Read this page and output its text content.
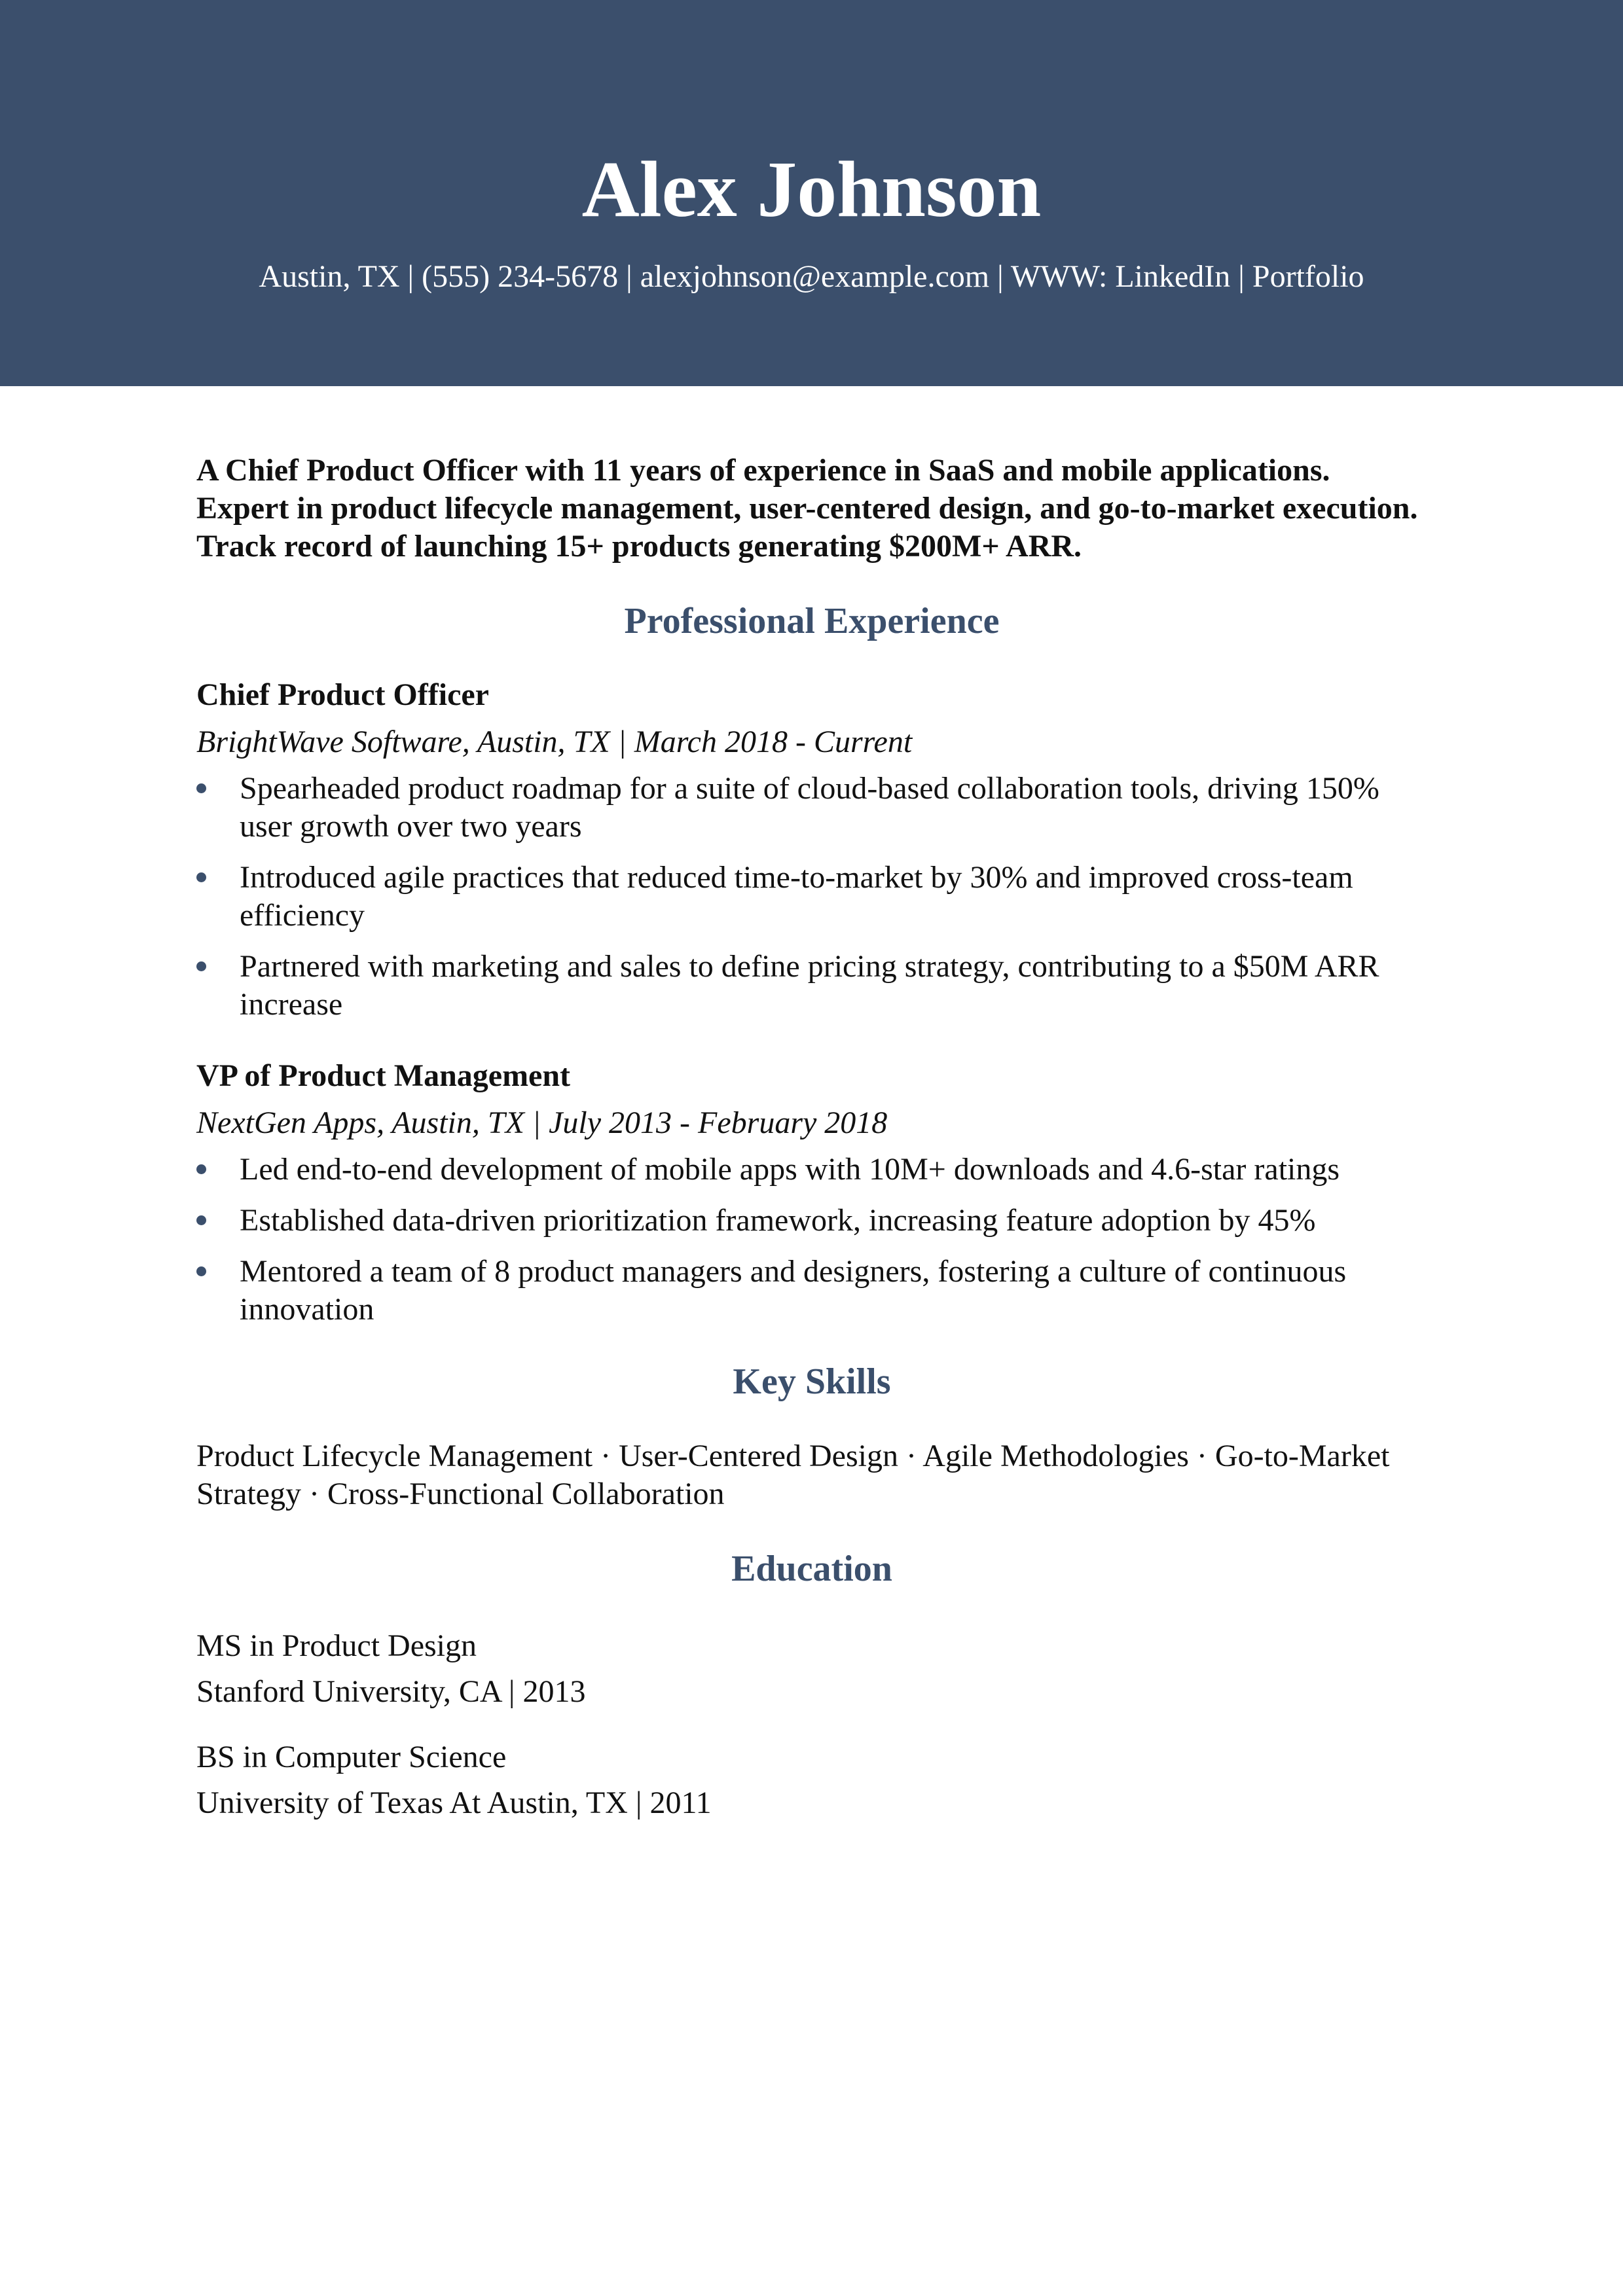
Alex Johnson
Austin, TX | (555) 234-5678 | alexjohnson@example.com | WWW: LinkedIn | Portfolio

A Chief Product Officer with 11 years of experience in SaaS and mobile applications. Expert in product lifecycle management, user-centered design, and go-to-market execution. Track record of launching 15+ products generating $200M+ ARR.

Professional Experience
Chief Product Officer
BrightWave Software, Austin, TX | March 2018 - Current
Spearheaded product roadmap for a suite of cloud-based collaboration tools, driving 150% user growth over two years
Introduced agile practices that reduced time-to-market by 30% and improved cross-team efficiency
Partnered with marketing and sales to define pricing strategy, contributing to a $50M ARR increase
VP of Product Management
NextGen Apps, Austin, TX | July 2013 - February 2018
Led end-to-end development of mobile apps with 10M+ downloads and 4.6-star ratings
Established data-driven prioritization framework, increasing feature adoption by 45%
Mentored a team of 8 product managers and designers, fostering a culture of continuous innovation
Key Skills
Product Lifecycle Management · User-Centered Design · Agile Methodologies · Go-to-Market Strategy · Cross-Functional Collaboration
Education
MS in Product Design
Stanford University, CA | 2013
BS in Computer Science
University of Texas At Austin, TX | 2011
